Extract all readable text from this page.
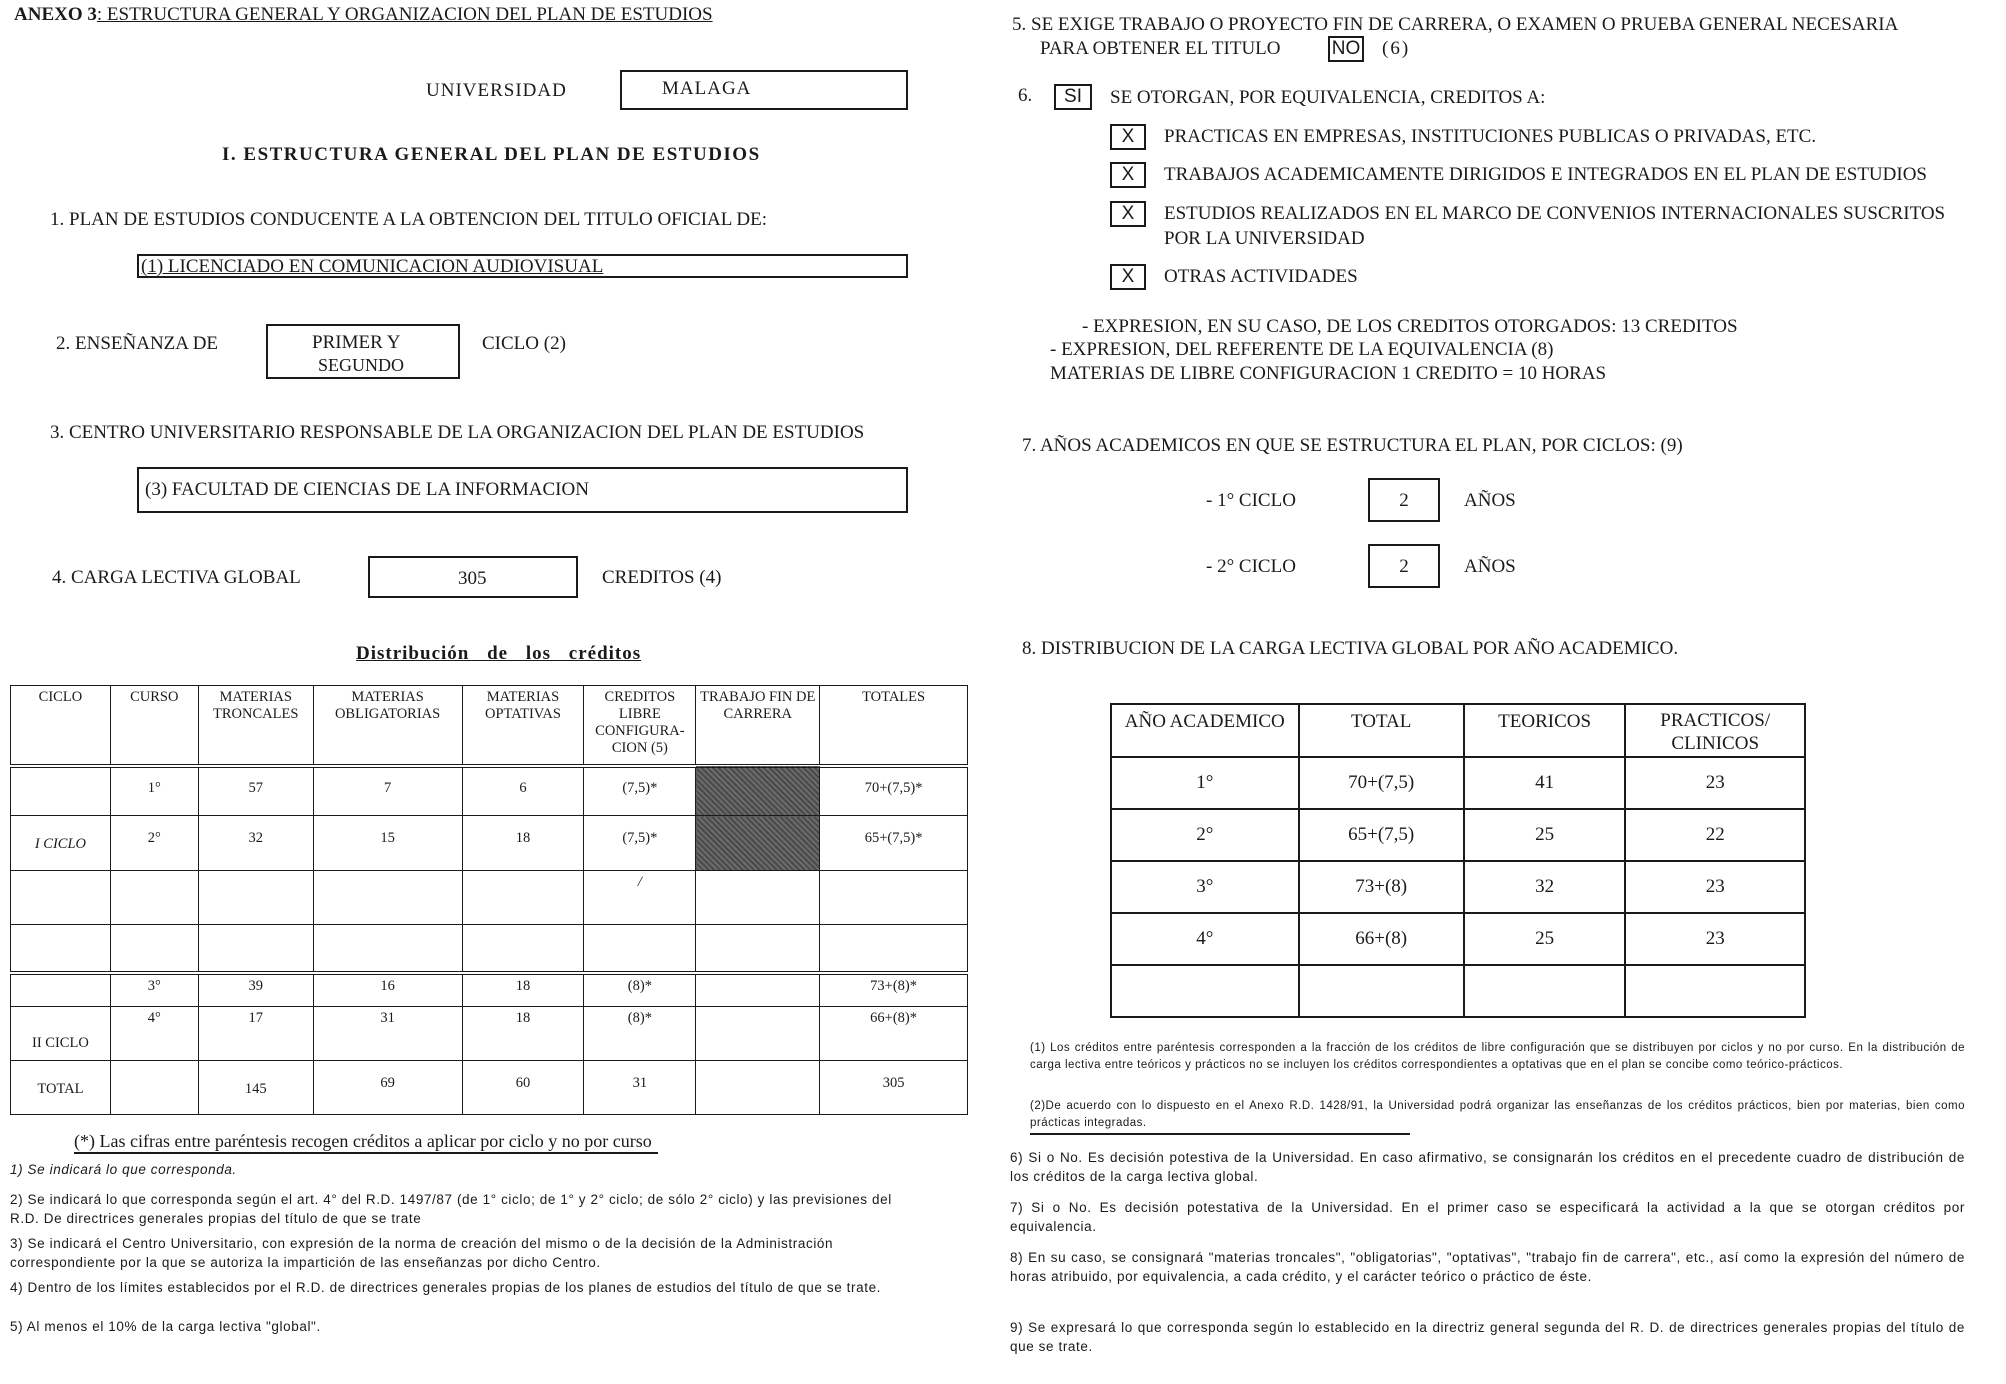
ANEXO 3: ESTRUCTURA GENERAL Y ORGANIZACION DEL PLAN DE ESTUDIOS
UNIVERSIDAD	MALAGA
I. ESTRUCTURA GENERAL DEL PLAN DE ESTUDIOS
1. PLAN DE ESTUDIOS CONDUCENTE A LA OBTENCION DEL TITULO OFICIAL DE:
(1) LICENCIADO EN COMUNICACION AUDIOVISUAL
2. ENSEÑANZA DE	PRIMER Y
SEGUNDO
CICLO (2)
3. CENTRO UNIVERSITARIO RESPONSABLE DE LA ORGANIZACION DEL PLAN DE ESTUDIOS
(3) FACULTAD DE CIENCIAS DE LA INFORMACION
4. CARGA LECTIVA GLOBAL	305	CREDITOS (4)
Distribución de los créditos
CICLO	CURSO	MATERIAS TRONCALES	MATERIAS OBLIGATORIAS	MATERIAS OPTATIVAS	CREDITOS LIBRE CONFIGURA-CION (5)	TRABAJO FIN DE CARRERA	TOTALES
	1°	57	7	6	(7,5)*		70+(7,5)*
I CICLO	2°	32	15	18	(7,5)*		65+(7,5)*
					/		

	3°	39	16	18	(8)*		73+(8)*
II CICLO	4°	17	31	18	(8)*		66+(8)*
TOTAL		145	69	60	31		305
(*) Las cifras entre paréntesis recogen créditos a aplicar por ciclo y no por curso
1) Se indicará lo que corresponda.
2) Se indicará lo que corresponda según el art. 4° del R.D. 1497/87 (de 1° ciclo; de 1° y 2° ciclo; de sólo 2° ciclo) y las previsiones del R.D. De directrices generales propias del título de que se trate
3) Se indicará el Centro Universitario, con expresión de la norma de creación del mismo o de la decisión de la Administración correspondiente por la que se autoriza la impartición de las enseñanzas por dicho Centro.
4) Dentro de los límites establecidos por el R.D. de directrices generales propias de los planes de estudios del título de que se trate.
5) Al menos el 10% de la carga lectiva "global".
5. SE EXIGE TRABAJO O PROYECTO FIN DE CARRERA, O EXAMEN O PRUEBA GENERAL NECESARIA
PARA OBTENER EL TITULO	NO (6)
6.	SI	SE OTORGAN, POR EQUIVALENCIA, CREDITOS A:
X	PRACTICAS EN EMPRESAS, INSTITUCIONES PUBLICAS O PRIVADAS, ETC.
X	TRABAJOS ACADEMICAMENTE DIRIGIDOS E INTEGRADOS EN EL PLAN DE ESTUDIOS
X	ESTUDIOS REALIZADOS EN EL MARCO DE CONVENIOS INTERNACIONALES SUSCRITOS
POR LA UNIVERSIDAD
X	OTRAS ACTIVIDADES
- EXPRESION, EN SU CASO, DE LOS CREDITOS OTORGADOS: 13 CREDITOS
- EXPRESION, DEL REFERENTE DE LA EQUIVALENCIA (8)
MATERIAS DE LIBRE CONFIGURACION 1 CREDITO = 10 HORAS
7. AÑOS ACADEMICOS EN QUE SE ESTRUCTURA EL PLAN, POR CICLOS: (9)
- 1° CICLO	2	AÑOS
- 2° CICLO	2	AÑOS
8. DISTRIBUCION DE LA CARGA LECTIVA GLOBAL POR AÑO ACADEMICO.
AÑO ACADEMICO	TOTAL	TEORICOS	PRACTICOS/ CLINICOS
1°	70+(7,5)	41	23
2°	65+(7,5)	25	22
3°	73+(8)	32	23
4°	66+(8)	25	23

(1) Los créditos entre paréntesis corresponden a la fracción de los créditos de libre configuración que se distribuyen por ciclos y no por curso. En la distribución de carga lectiva entre teóricos y prácticos no se incluyen los créditos correspondientes a optativas que en el plan se concibe como teórico-prácticos.
(2)De acuerdo con lo dispuesto en el Anexo R.D. 1428/91, la Universidad podrá organizar las enseñanzas de los créditos prácticos, bien por materias, bien como prácticas integradas.
6) Si o No. Es decisión potestiva de la Universidad. En caso afirmativo, se consignarán los créditos en el precedente cuadro de distribución de los créditos de la carga lectiva global.
7) Si o No. Es decisión potestativa de la Universidad. En el primer caso se especificará la actividad a la que se otorgan créditos por equivalencia.
8) En su caso, se consignará "materias troncales", "obligatorias", "optativas", "trabajo fin de carrera", etc., así como la expresión del número de horas atribuido, por equivalencia, a cada crédito, y el carácter teórico o práctico de éste.
9) Se expresará lo que corresponda según lo establecido en la directriz general segunda del R. D. de directrices generales propias del título de que se trate.
